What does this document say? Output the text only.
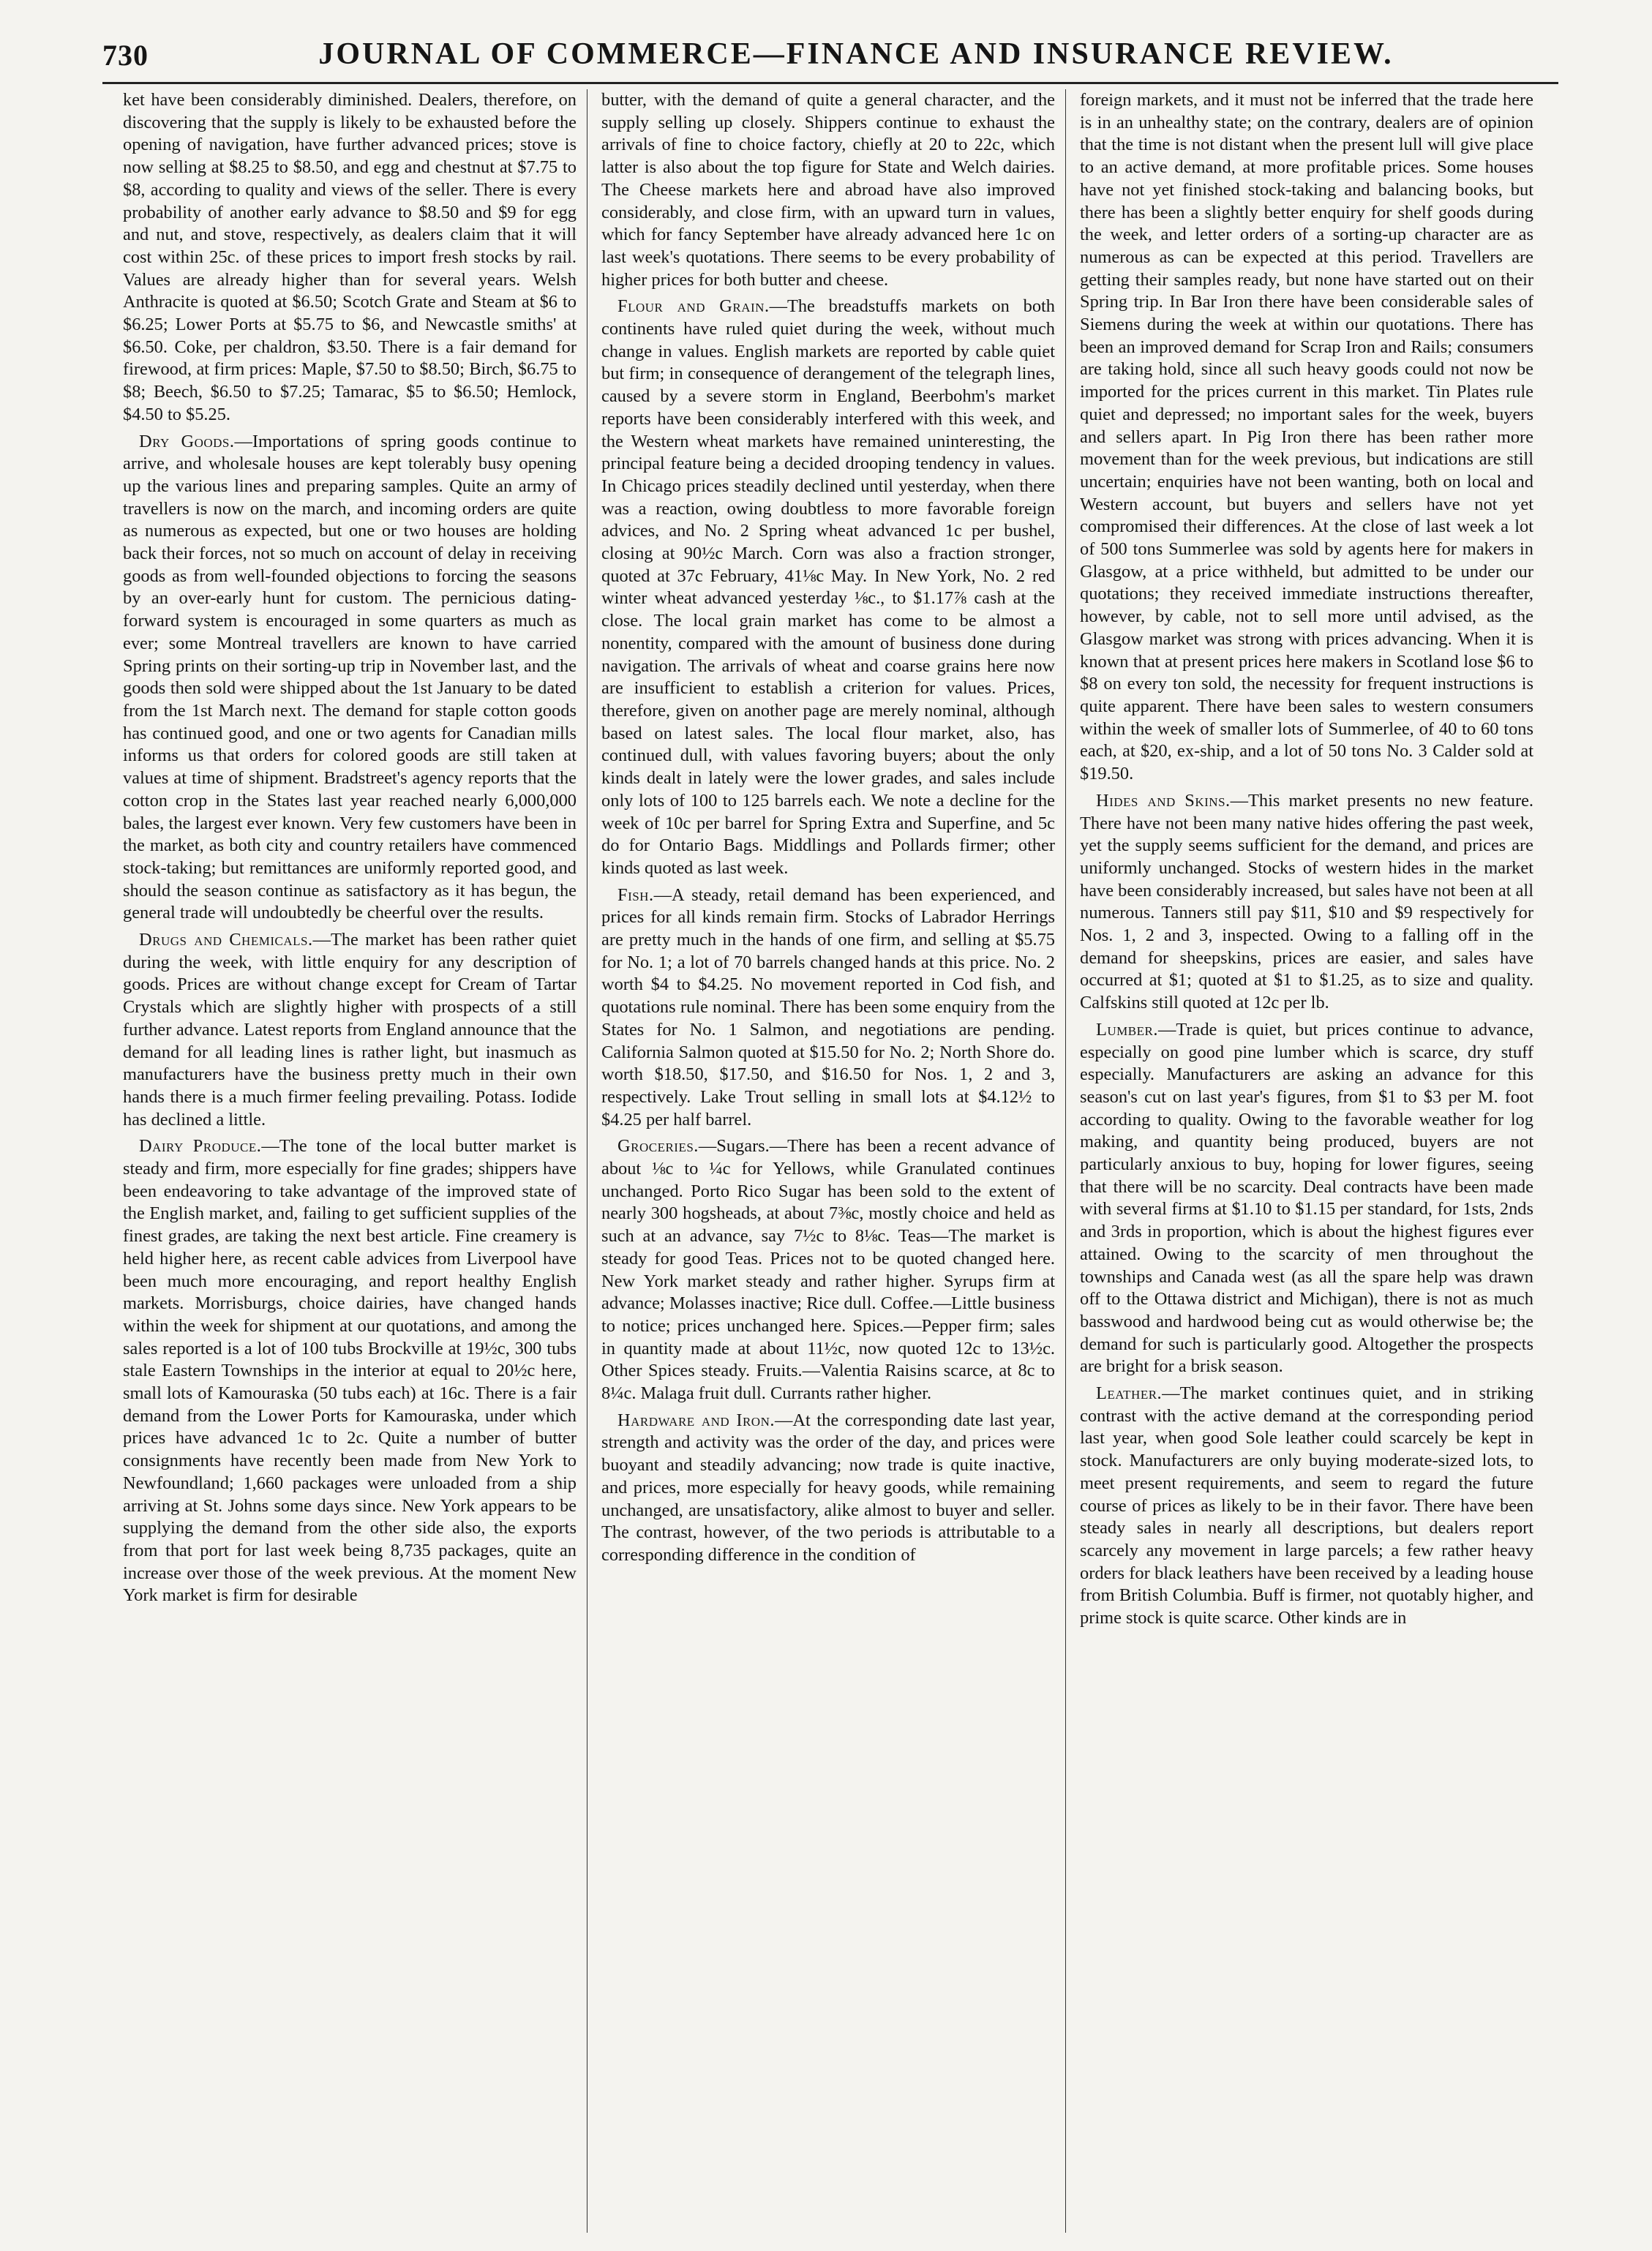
730	JOURNAL OF COMMERCE—FINANCE AND INSURANCE REVIEW.

ket have been considerably diminished. Dealers, therefore, on discovering that the supply is likely to be exhausted before the opening of navigation, have further advanced prices; stove is now selling at $8.25 to $8.50, and egg and chestnut at $7.75 to $8, according to quality and views of the seller. There is every probability of another early advance to $8.50 and $9 for egg and nut, and stove, respectively, as dealers claim that it will cost within 25c. of these prices to import fresh stocks by rail. Values are already higher than for several years. Welsh Anthracite is quoted at $6.50; Scotch Grate and Steam at $6 to $6.25; Lower Ports at $5.75 to $6, and Newcastle smiths' at $6.50. Coke, per chaldron, $3.50. There is a fair demand for firewood, at firm prices: Maple, $7.50 to $8.50; Birch, $6.75 to $8; Beech, $6.50 to $7.25; Tamarac, $5 to $6.50; Hemlock, $4.50 to $5.25.

Dry Goods.—Importations of spring goods continue to arrive, and wholesale houses are kept tolerably busy opening up the various lines and preparing samples. Quite an army of travellers is now on the march, and incoming orders are quite as numerous as expected, but one or two houses are holding back their forces, not so much on account of delay in receiving goods as from well-founded objections to forcing the seasons by an over-early hunt for custom. The pernicious dating-forward system is encouraged in some quarters as much as ever; some Montreal travellers are known to have carried Spring prints on their sorting-up trip in November last, and the goods then sold were shipped about the 1st January to be dated from the 1st March next. The demand for staple cotton goods has continued good, and one or two agents for Canadian mills informs us that orders for colored goods are still taken at values at time of shipment. Bradstreet's agency reports that the cotton crop in the States last year reached nearly 6,000,000 bales, the largest ever known. Very few customers have been in the market, as both city and country retailers have commenced stock-taking; but remittances are uniformly reported good, and should the season continue as satisfactory as it has begun, the general trade will undoubtedly be cheerful over the results.

Drugs and Chemicals.—The market has been rather quiet during the week, with little enquiry for any description of goods. Prices are without change except for Cream of Tartar Crystals which are slightly higher with prospects of a still further advance. Latest reports from England announce that the demand for all leading lines is rather light, but inasmuch as manufacturers have the business pretty much in their own hands there is a much firmer feeling prevailing. Potass. Iodide has declined a little.

Dairy Produce.—The tone of the local butter market is steady and firm, more especially for fine grades; shippers have been endeavoring to take advantage of the improved state of the English market, and, failing to get sufficient supplies of the finest grades, are taking the next best article. Fine creamery is held higher here, as recent cable advices from Liverpool have been much more encouraging, and report healthy English markets. Morrisburgs, choice dairies, have changed hands within the week for shipment at our quotations, and among the sales reported is a lot of 100 tubs Brockville at 19½c, 300 tubs stale Eastern Townships in the interior at equal to 20½c here, small lots of Kamouraska (50 tubs each) at 16c. There is a fair demand from the Lower Ports for Kamouraska, under which prices have advanced 1c to 2c. Quite a number of butter consignments have recently been made from New York to Newfoundland; 1,660 packages were unloaded from a ship arriving at St. Johns some days since. New York appears to be supplying the demand from the other side also, the exports from that port for last week being 8,735 packages, quite an increase over those of the week previous. At the moment New York market is firm for desirable

butter, with the demand of quite a general character, and the supply selling up closely. Shippers continue to exhaust the arrivals of fine to choice factory, chiefly at 20 to 22c, which latter is also about the top figure for State and Welch dairies. The Cheese markets here and abroad have also improved considerably, and close firm, with an upward turn in values, which for fancy September have already advanced here 1c on last week's quotations. There seems to be every probability of higher prices for both butter and cheese.

Flour and Grain.—The breadstuffs markets on both continents have ruled quiet during the week, without much change in values. English markets are reported by cable quiet but firm; in consequence of derangement of the telegraph lines, caused by a severe storm in England, Beerbohm's market reports have been considerably interfered with this week, and the Western wheat markets have remained uninteresting, the principal feature being a decided drooping tendency in values. In Chicago prices steadily declined until yesterday, when there was a reaction, owing doubtless to more favorable foreign advices, and No. 2 Spring wheat advanced 1c per bushel, closing at 90½c March. Corn was also a fraction stronger, quoted at 37c February, 41⅛c May. In New York, No. 2 red winter wheat advanced yesterday ⅛c., to $1.17⅞ cash at the close. The local grain market has come to be almost a nonentity, compared with the amount of business done during navigation. The arrivals of wheat and coarse grains here now are insufficient to establish a criterion for values. Prices, therefore, given on another page are merely nominal, although based on latest sales. The local flour market, also, has continued dull, with values favoring buyers; about the only kinds dealt in lately were the lower grades, and sales include only lots of 100 to 125 barrels each. We note a decline for the week of 10c per barrel for Spring Extra and Superfine, and 5c do for Ontario Bags. Middlings and Pollards firmer; other kinds quoted as last week.

Fish.—A steady, retail demand has been experienced, and prices for all kinds remain firm. Stocks of Labrador Herrings are pretty much in the hands of one firm, and selling at $5.75 for No. 1; a lot of 70 barrels changed hands at this price. No. 2 worth $4 to $4.25. No movement reported in Cod fish, and quotations rule nominal. There has been some enquiry from the States for No. 1 Salmon, and negotiations are pending. California Salmon quoted at $15.50 for No. 2; North Shore do. worth $18.50, $17.50, and $16.50 for Nos. 1, 2 and 3, respectively. Lake Trout selling in small lots at $4.12½ to $4.25 per half barrel.

Groceries.—Sugars.—There has been a recent advance of about ⅛c to ¼c for Yellows, while Granulated continues unchanged. Porto Rico Sugar has been sold to the extent of nearly 300 hogsheads, at about 7⅜c, mostly choice and held as such at an advance, say 7½c to 8⅛c. Teas—The market is steady for good Teas. Prices not to be quoted changed here. New York market steady and rather higher. Syrups firm at advance; Molasses inactive; Rice dull. Coffee.—Little business to notice; prices unchanged here. Spices.—Pepper firm; sales in quantity made at about 11½c, now quoted 12c to 13½c. Other Spices steady. Fruits.—Valentia Raisins scarce, at 8c to 8¼c. Malaga fruit dull. Currants rather higher.

Hardware and Iron.—At the corresponding date last year, strength and activity was the order of the day, and prices were buoyant and steadily advancing; now trade is quite inactive, and prices, more especially for heavy goods, while remaining unchanged, are unsatisfactory, alike almost to buyer and seller. The contrast, however, of the two periods is attributable to a corresponding difference in the condition of

foreign markets, and it must not be inferred that the trade here is in an unhealthy state; on the contrary, dealers are of opinion that the time is not distant when the present lull will give place to an active demand, at more profitable prices. Some houses have not yet finished stock-taking and balancing books, but there has been a slightly better enquiry for shelf goods during the week, and letter orders of a sorting-up character are as numerous as can be expected at this period. Travellers are getting their samples ready, but none have started out on their Spring trip. In Bar Iron there have been considerable sales of Siemens during the week at within our quotations. There has been an improved demand for Scrap Iron and Rails; consumers are taking hold, since all such heavy goods could not now be imported for the prices current in this market. Tin Plates rule quiet and depressed; no important sales for the week, buyers and sellers apart. In Pig Iron there has been rather more movement than for the week previous, but indications are still uncertain; enquiries have not been wanting, both on local and Western account, but buyers and sellers have not yet compromised their differences. At the close of last week a lot of 500 tons Summerlee was sold by agents here for makers in Glasgow, at a price withheld, but admitted to be under our quotations; they received immediate instructions thereafter, however, by cable, not to sell more until advised, as the Glasgow market was strong with prices advancing. When it is known that at present prices here makers in Scotland lose $6 to $8 on every ton sold, the necessity for frequent instructions is quite apparent. There have been sales to western consumers within the week of smaller lots of Summerlee, of 40 to 60 tons each, at $20, ex-ship, and a lot of 50 tons No. 3 Calder sold at $19.50.

Hides and Skins.—This market presents no new feature. There have not been many native hides offering the past week, yet the supply seems sufficient for the demand, and prices are uniformly unchanged. Stocks of western hides in the market have been considerably increased, but sales have not been at all numerous. Tanners still pay $11, $10 and $9 respectively for Nos. 1, 2 and 3, inspected. Owing to a falling off in the demand for sheepskins, prices are easier, and sales have occurred at $1; quoted at $1 to $1.25, as to size and quality. Calfskins still quoted at 12c per lb.

Lumber.—Trade is quiet, but prices continue to advance, especially on good pine lumber which is scarce, dry stuff especially. Manufacturers are asking an advance for this season's cut on last year's figures, from $1 to $3 per M. foot according to quality. Owing to the favorable weather for log making, and quantity being produced, buyers are not particularly anxious to buy, hoping for lower figures, seeing that there will be no scarcity. Deal contracts have been made with several firms at $1.10 to $1.15 per standard, for 1sts, 2nds and 3rds in proportion, which is about the highest figures ever attained. Owing to the scarcity of men throughout the townships and Canada west (as all the spare help was drawn off to the Ottawa district and Michigan), there is not as much basswood and hardwood being cut as would otherwise be; the demand for such is particularly good. Altogether the prospects are bright for a brisk season.

Leather.—The market continues quiet, and in striking contrast with the active demand at the corresponding period last year, when good Sole leather could scarcely be kept in stock. Manufacturers are only buying moderate-sized lots, to meet present requirements, and seem to regard the future course of prices as likely to be in their favor. There have been steady sales in nearly all descriptions, but dealers report scarcely any movement in large parcels; a few rather heavy orders for black leathers have been received by a leading house from British Columbia. Buff is firmer, not quotably higher, and prime stock is quite scarce. Other kinds are in
